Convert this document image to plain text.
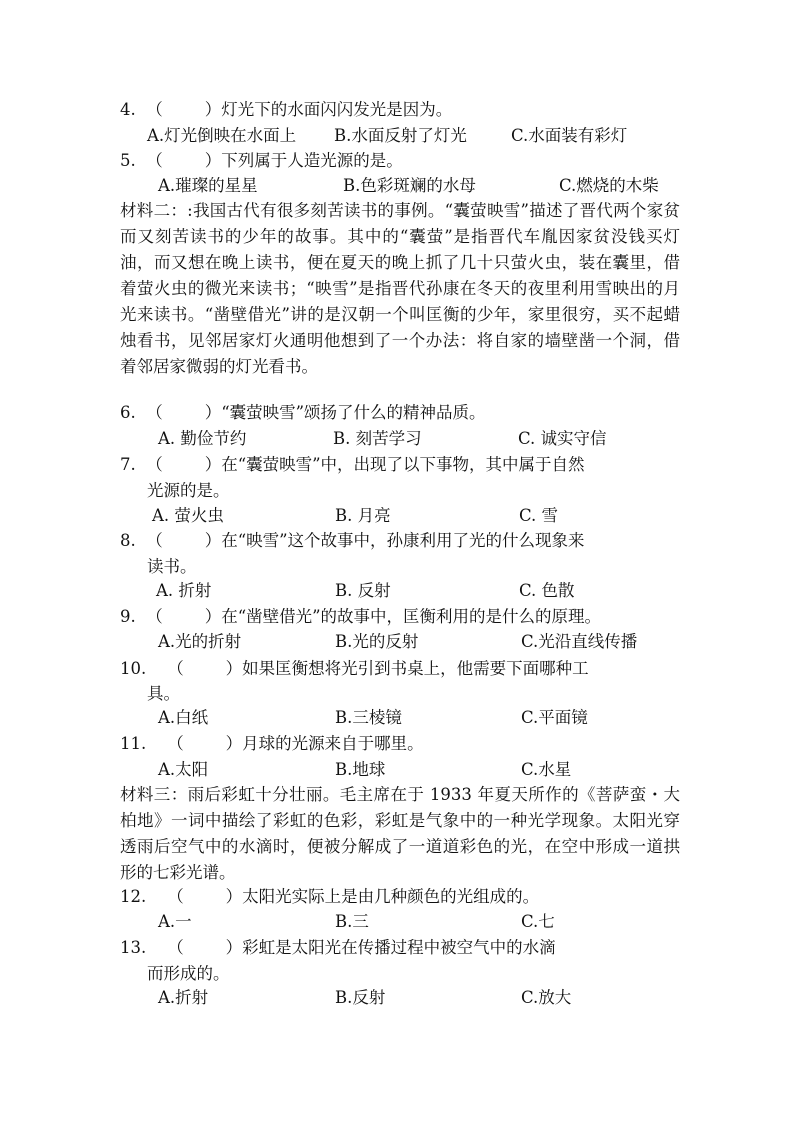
4.  （        ）灯光下的水面闪闪发光是因为。
A.灯光倒映在水面上 B.水面反射了灯光	C.水面装有彩灯
5.  （        ）下列属于人造光源的是。
A.璀璨的星星	B.色彩斑斓的水母	C.燃烧的木柴
材料二：:我国古代有很多刻苦读书的事例。“囊萤映雪”描述了晋代两个家贫而又刻苦读书的少年的故事。其中的“囊萤”是指晋代车胤因家贫没钱买灯油，而又想在晚上读书，便在夏天的晚上抓了几十只萤火虫，装在囊里，借着萤火虫的微光来读书；“映雪”是指晋代孙康在冬天的夜里利用雪映出的月光来读书。“凿壁借光”讲的是汉朝一个叫匡衡的少年，家里很穷，买不起蜡烛看书，见邻居家灯火通明他想到了一个办法：将自家的墙壁凿一个洞，借着邻居家微弱的灯光看书。
6.  （        ）“囊萤映雪”颂扬了什么的精神品质。
A. 勤俭节约	B. 刻苦学习	C. 诚实守信
7.  （        ）在“囊萤映雪”中，出现了以下事物，其中属于自然
光源的是。
A. 萤火虫	B. 月亮	C. 雪
8.  （        ）在“映雪”这个故事中，孙康利用了光的什么现象来
读书。
A. 折射	B. 反射	C. 色散
9.  （        ）在“凿壁借光”的故事中，匡衡利用的是什么的原理。
A.光的折射	B.光的反射	C.光沿直线传播
10.    （        ）如果匡衡想将光引到书桌上，他需要下面哪种工
具。
A.白纸	B.三棱镜	C.平面镜
11.    （        ）月球的光源来自于哪里。
A.太阳	B.地球	C.水星
材料三：雨后彩虹十分壮丽。毛主席在于 1933 年夏天所作的《菩萨蛮・大柏地》一词中描绘了彩虹的色彩，彩虹是气象中的一种光学现象。太阳光穿透雨后空气中的水滴时，便被分解成了一道道彩色的光，在空中形成一道拱形的七彩光谱。
12.    （        ）太阳光实际上是由几种颜色的光组成的。
A.一	B.三	C.七
13.    （        ）彩虹是太阳光在传播过程中被空气中的水滴
而形成的。
A.折射	B.反射	C.放大
